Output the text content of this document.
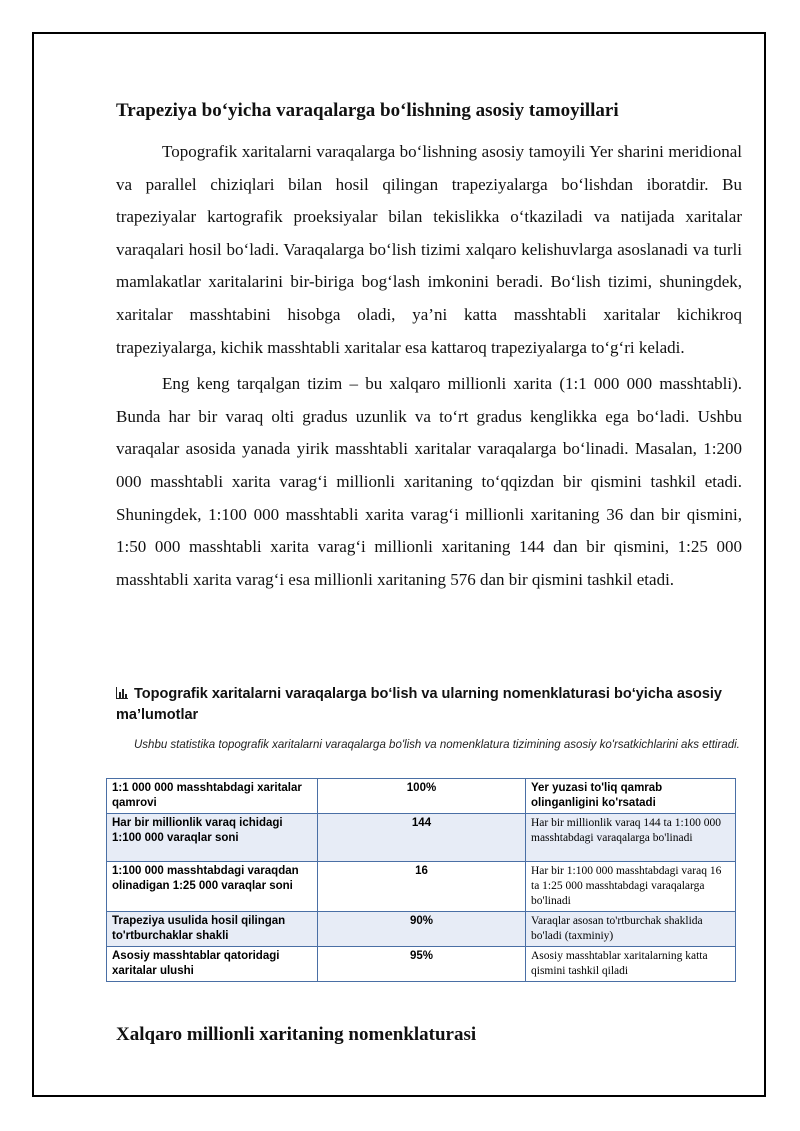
Trapeziya bo‘yicha varaqalarga bo‘lishning asosiy tamoyillari

Topografik xaritalarni varaqalarga bo‘lishning asosiy tamoyili Yer sharini meridional va parallel chiziqlari bilan hosil qilingan trapeziyalarga bo‘lishdan iboratdir. Bu trapeziyalar kartografik proeksiyalar bilan tekislikka o‘tkaziladi va natijada xaritalar varaqalari hosil bo‘ladi. Varaqalarga bo‘lish tizimi xalqaro kelishuvlarga asoslanadi va turli mamlakatlar xaritalarini bir-biriga bog‘lash imkonini beradi. Bo‘lish tizimi, shuningdek, xaritalar masshtabini hisobga oladi, ya’ni katta masshtabli xaritalar kichikroq trapeziyalarga, kichik masshtabli xaritalar esa kattaroq trapeziyalarga to‘g‘ri keladi.

Eng keng tarqalgan tizim – bu xalqaro millionli xarita (1:1 000 000 masshtabli). Bunda har bir varaq olti gradus uzunlik va to‘rt gradus kenglikka ega bo‘ladi. Ushbu varaqalar asosida yanada yirik masshtabli xaritalar varaqalarga bo‘linadi. Masalan, 1:200 000 masshtabli xarita varag‘i millionli xaritaning to‘qqizdan bir qismini tashkil etadi. Shuningdek, 1:100 000 masshtabli xarita varag‘i millionli xaritaning 36 dan bir qismini, 1:50 000 masshtabli xarita varag‘i millionli xaritaning 144 dan bir qismini, 1:25 000 masshtabli xarita varag‘i esa millionli xaritaning 576 dan bir qismini tashkil etadi.

Topografik xaritalarni varaqalarga bo‘lish va ularning nomenklaturasi bo‘yicha asosiy ma’lumotlar
Ushbu statistika topografik xaritalarni varaqalarga bo'lish va nomenklatura tizimining asosiy ko'rsatkichlarini aks ettiradi.
1:1 000 000 masshtabdagi xaritalar qamrovi	100%	Yer yuzasi to'liq qamrab olinganligini ko'rsatadi
Har bir millionlik varaq ichidagi 1:100 000 varaqlar soni	144	Har bir millionlik varaq 144 ta 1:100 000 masshtabdagi varaqalarga bo'linadi
1:100 000 masshtabdagi varaqdan olinadigan 1:25 000 varaqlar soni	16	Har bir 1:100 000 masshtabdagi varaq 16 ta 1:25 000 masshtabdagi varaqalarga bo'linadi
Trapeziya usulida hosil qilingan to'rtburchaklar shakli	90%	Varaqlar asosan to'rtburchak shaklida bo'ladi (taxminiy)
Asosiy masshtablar qatoridagi xaritalar ulushi	95%	Asosiy masshtablar xaritalarning katta qismini tashkil qiladi
Xalqaro millionli xaritaning nomenklaturasi
